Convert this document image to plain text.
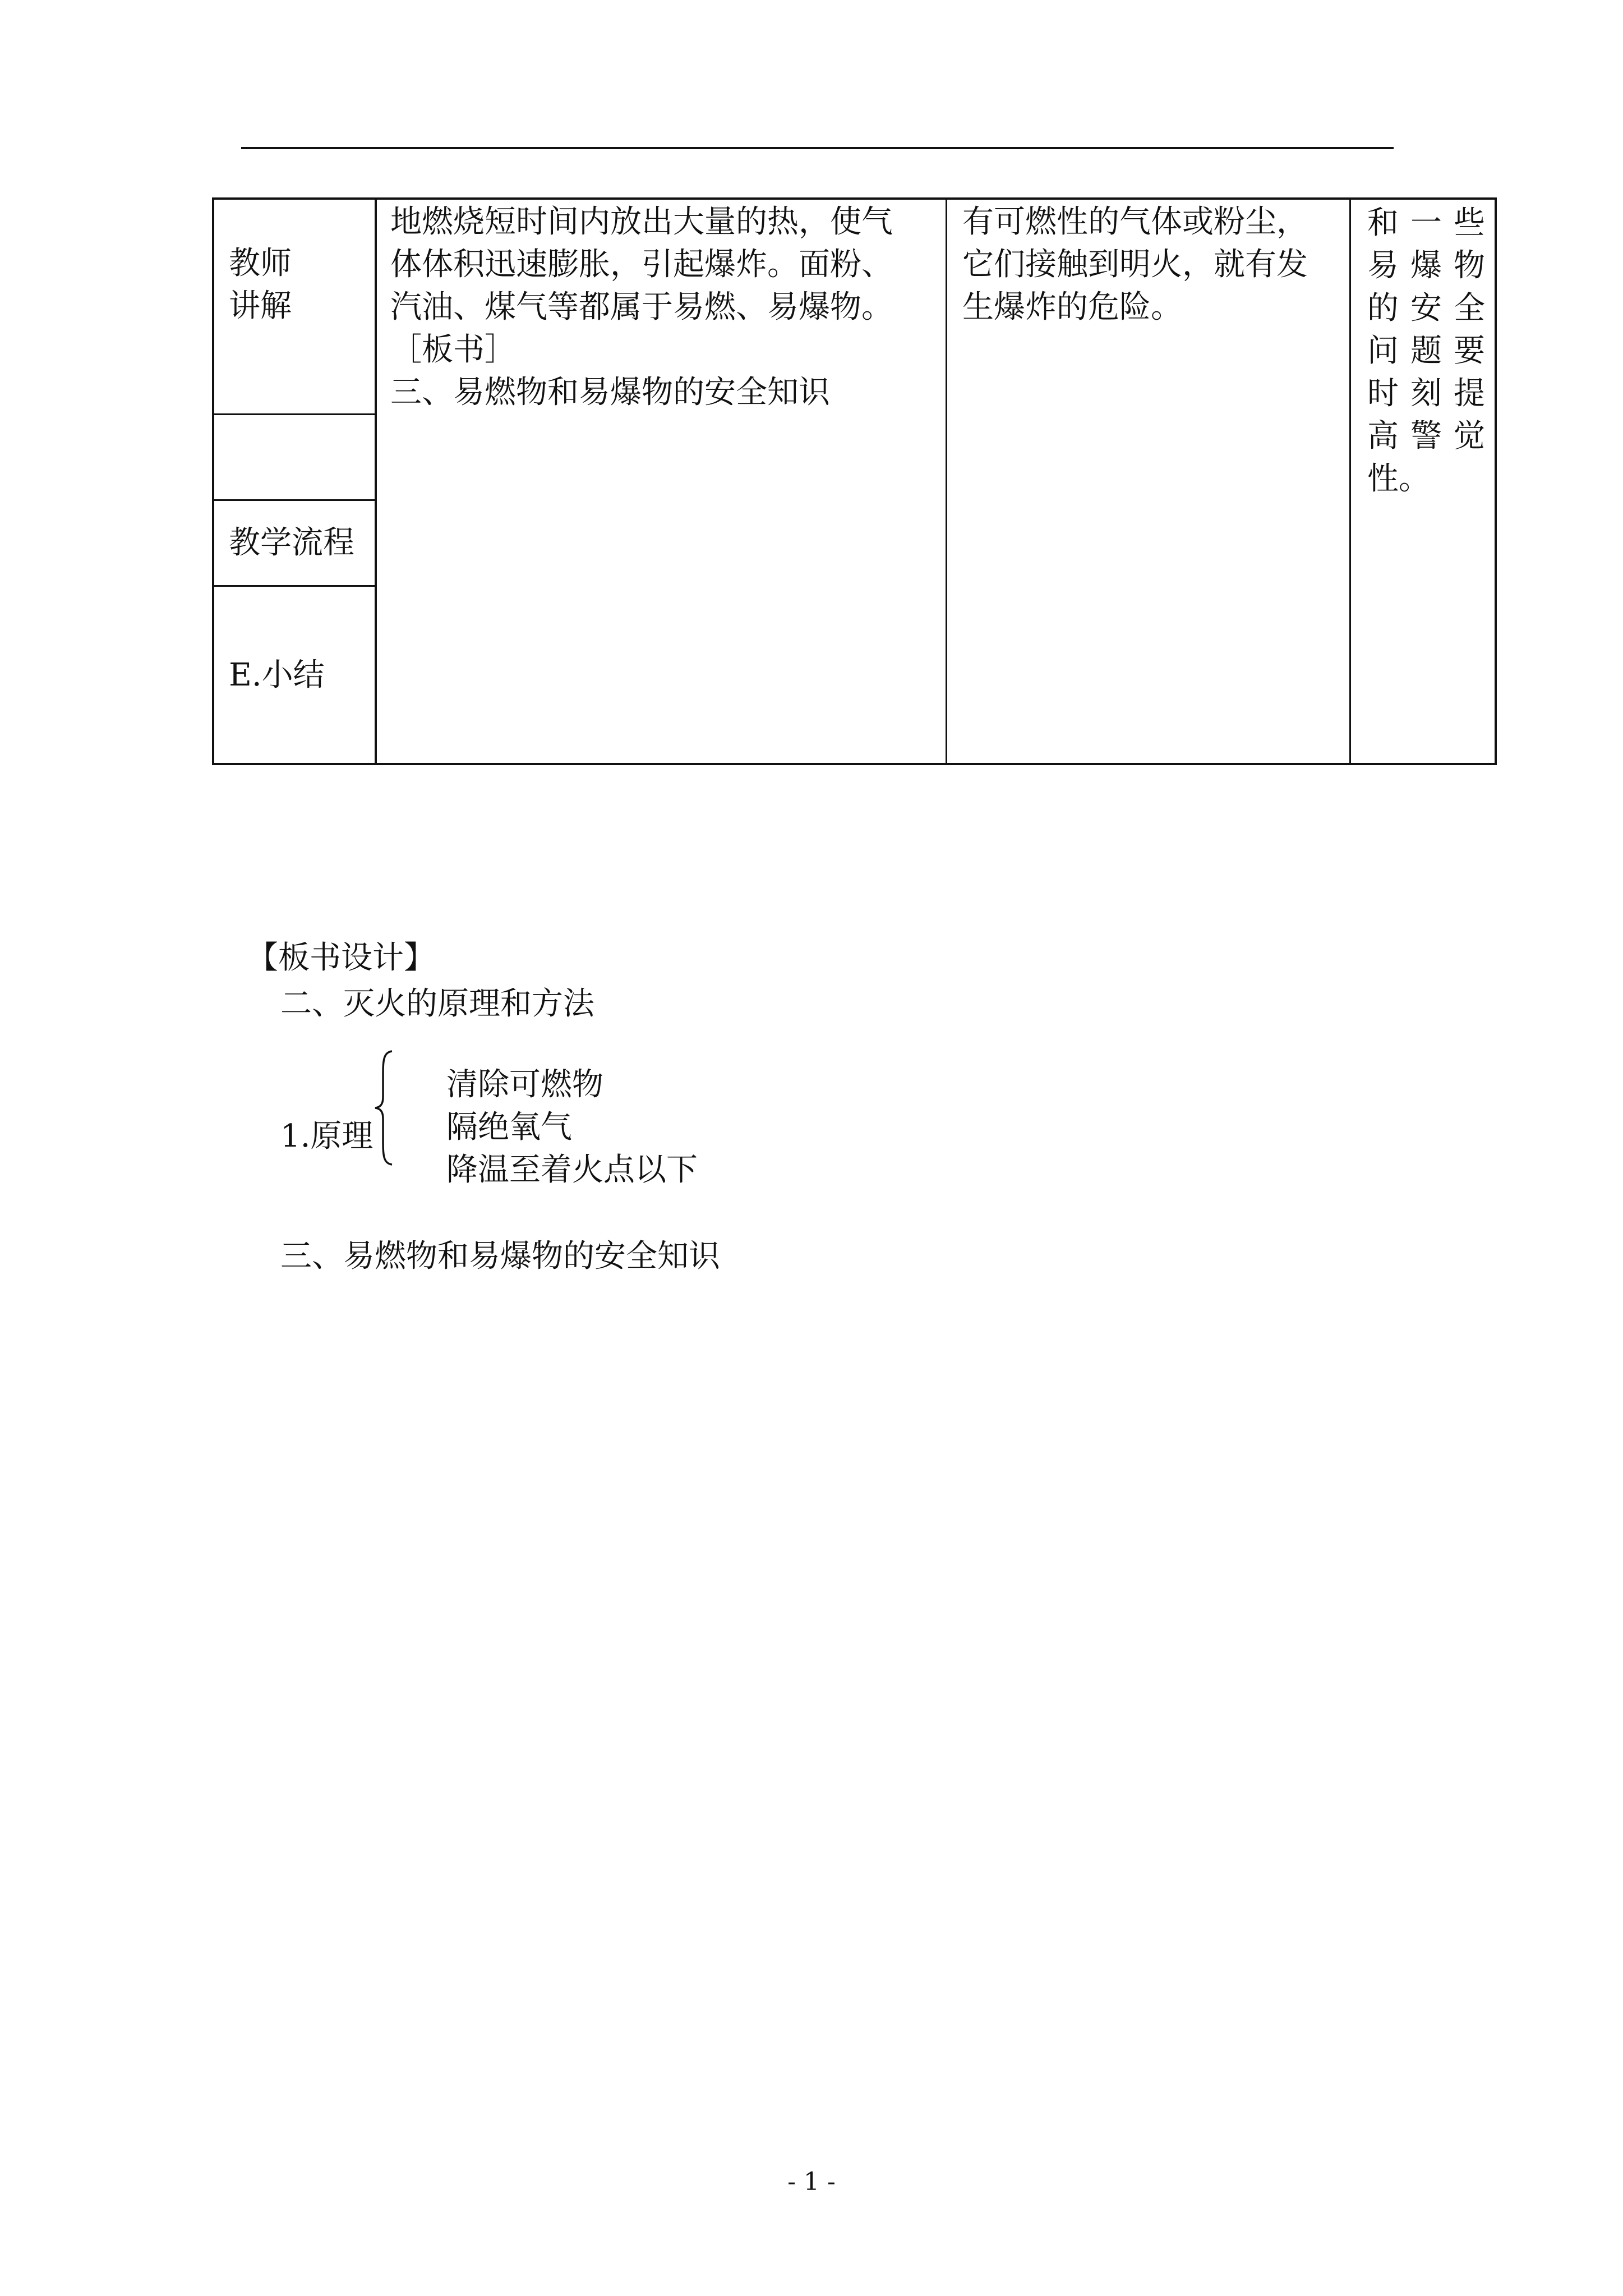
教师
讲解
教学流程
E.小结
地燃烧短时间内放出大量的热，使气
体体积迅速膨胀，引起爆炸。面粉、
汽油、煤气等都属于易燃、易爆物。
［板书］
三、易燃物和易爆物的安全知识
有可燃性的气体或粉尘，
它们接触到明火，就有发
生爆炸的危险。
和 一 些
易 爆 物
的 安 全
问 题 要
时 刻 提
高 警 觉
性。
【板书设计】
二、灭火的原理和方法
1.原理
清除可燃物
隔绝氧气
降温至着火点以下
三、易燃物和易爆物的安全知识
- 1 -
